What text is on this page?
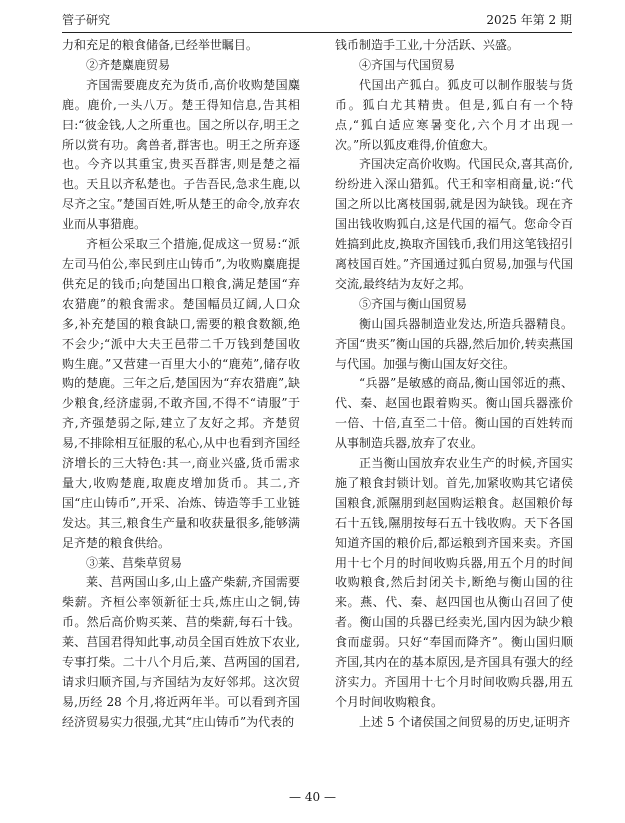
管子研究	2025 年第 2 期

力和充足的粮食储备,已经举世瞩目。

②齐楚麋鹿贸易

齐国需要鹿皮充为货币,高价收购楚国麋鹿。鹿价,一头八万。楚王得知信息,告其相曰:“彼金钱,人之所重也。国之所以存,明王之所以赏有功。禽兽者,群害也。明王之所弃逐也。今齐以其重宝,贵买吾群害,则是楚之福也。天且以齐私楚也。子告吾民,急求生鹿,以尽齐之宝。”楚国百姓,听从楚王的命令,放弃农业而从事猎鹿。

齐桓公采取三个措施,促成这一贸易:“派左司马伯公,率民到庄山铸币”,为收购麋鹿提供充足的钱币;向楚国出口粮食,满足楚国“弃农猎鹿”的粮食需求。楚国幅员辽阔,人口众多,补充楚国的粮食缺口,需要的粮食数额,绝不会少;“派中大夫王邑带二千万钱到楚国收购生鹿。”又营建一百里大小的“鹿苑”,储存收购的楚鹿。三年之后,楚国因为“弃农猎鹿”,缺少粮食,经济虚弱,不敢齐国,不得不“请服”于齐,齐强楚弱之际,建立了友好之邦。齐楚贸易,不排除相互征服的私心,从中也看到齐国经济增长的三大特色:其一,商业兴盛,货币需求量大,收购楚鹿,取鹿皮增加货币。其二,齐国“庄山铸币”,开采、冶炼、铸造等手工业链发达。其三,粮食生产量和收获量很多,能够满足齐楚的粮食供给。

③莱、莒柴草贸易

莱、莒两国山多,山上盛产柴薪,齐国需要柴薪。齐桓公率领新征士兵,炼庄山之铜,铸币。然后高价购买莱、莒的柴薪,每石十钱。莱、莒国君得知此事,动员全国百姓放下农业,专事打柴。二十八个月后,莱、莒两国的国君,请求归顺齐国,与齐国结为友好邻邦。这次贸易,历经 28 个月,将近两年半。可以看到齐国经济贸易实力很强,尤其“庄山铸币”为代表的

钱币制造手工业,十分活跃、兴盛。

④齐国与代国贸易

代国出产狐白。狐皮可以制作服装与货币。狐白尤其精贵。但是,狐白有一个特点,“狐白适应寒暑变化,六个月才出现一次。”所以狐皮难得,价值愈大。

齐国决定高价收购。代国民众,喜其高价,纷纷进入深山猎狐。代王和宰相商量,说:“代国之所以比离枝国弱,就是因为缺钱。现在齐国出钱收购狐白,这是代国的福气。您命令百姓搞到此皮,换取齐国钱币,我们用这笔钱招引离枝国百姓。”齐国通过狐白贸易,加强与代国交流,最终结为友好之邦。

⑤齐国与衡山国贸易

衡山国兵器制造业发达,所造兵器精良。齐国“贵买”衡山国的兵器,然后加价,转卖燕国与代国。加强与衡山国友好交往。

“兵器”是敏感的商品,衡山国邻近的燕、代、秦、赵国也跟着购买。衡山国兵器涨价一倍、十倍,直至二十倍。衡山国的百姓转而从事制造兵器,放弃了农业。

正当衡山国放弃农业生产的时候,齐国实施了粮食封锁计划。首先,加紧收购其它诸侯国粮食,派隰朋到赵国购运粮食。赵国粮价每石十五钱,隰朋按每石五十钱收购。天下各国知道齐国的粮价后,都运粮到齐国来卖。齐国用十七个月的时间收购兵器,用五个月的时间收购粮食,然后封闭关卡,断绝与衡山国的往来。燕、代、秦、赵四国也从衡山召回了使者。衡山国的兵器已经卖光,国内因为缺少粮食而虚弱。只好“奉国而降齐”。衡山国归顺齐国,其内在的基本原因,是齐国具有强大的经济实力。齐国用十七个月时间收购兵器,用五个月时间收购粮食。

上述 5 个诸侯国之间贸易的历史,证明齐

— 40 —
